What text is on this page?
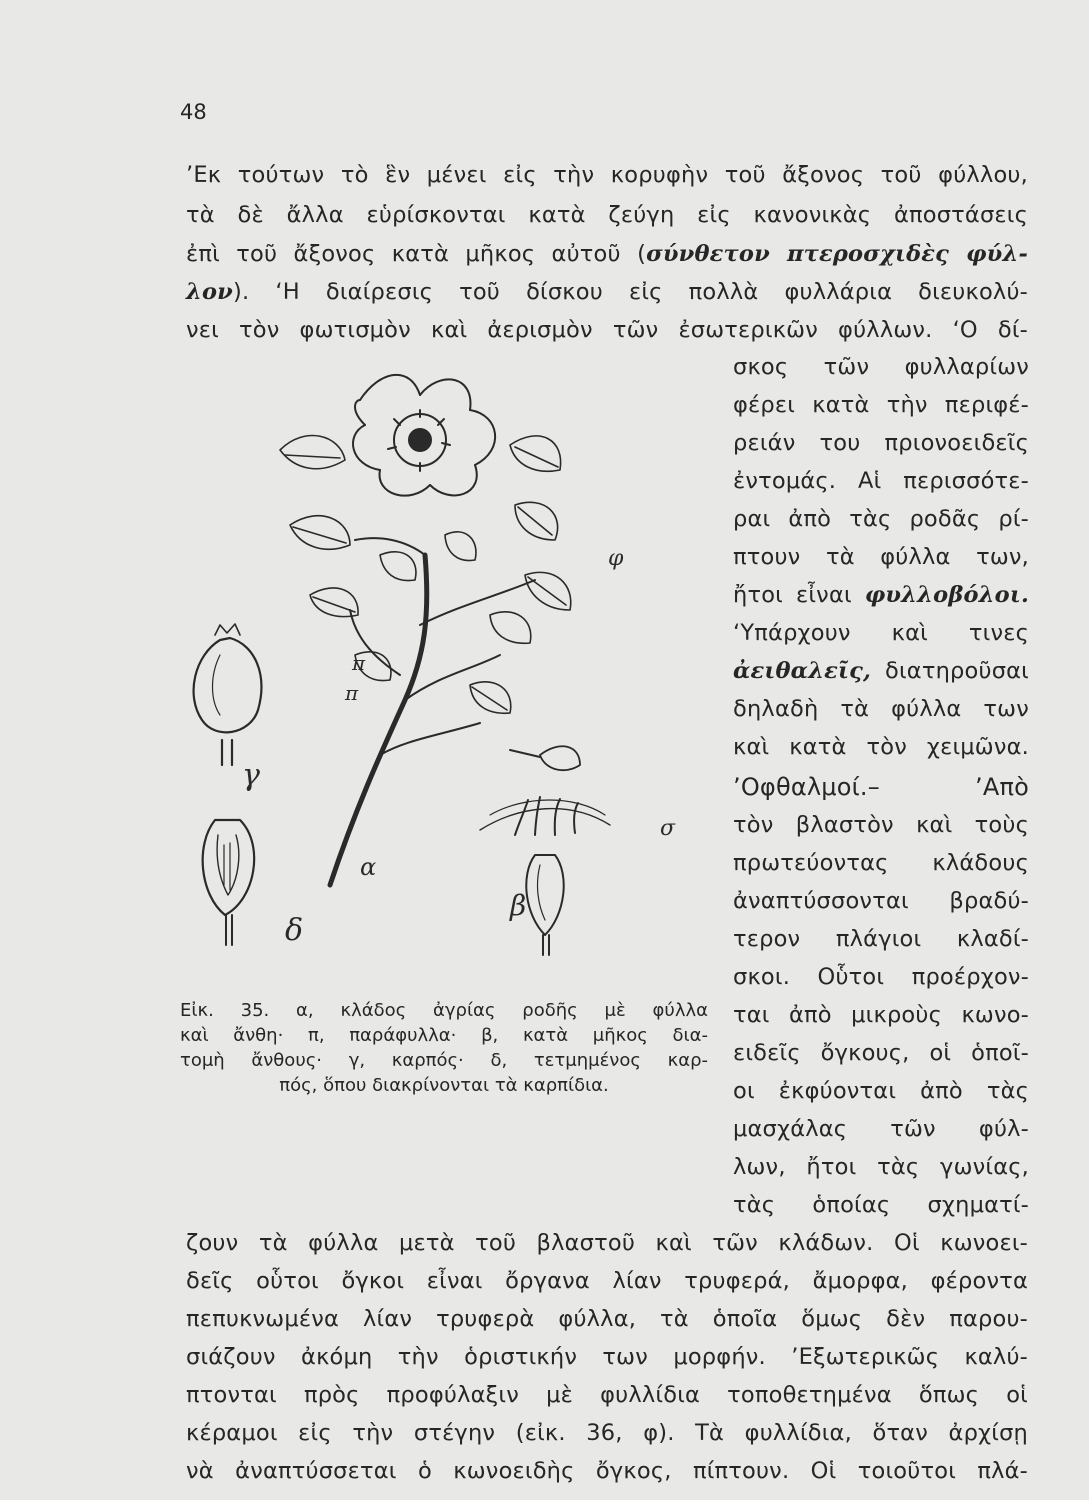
48
’Εκ τούτων τὸ ἓν μένει εἰς τὴν κορυφὴν τοῦ ἄξονος τοῦ φύλλου,
τὰ δὲ ἄλλα εὑρίσκονται κατὰ ζεύγη εἰς κανονικὰς ἀποστάσεις
ἐπὶ τοῦ ἄξονος κατὰ μῆκος αὐτοῦ (σύνθετον πτεροσχιδὲς φύλ-
λον). ‘Η διαίρεσις τοῦ δίσκου εἰς πολλὰ φυλλάρια διευκολύ-
νει τὸν φωτισμὸν καὶ ἀερισμὸν τῶν ἐσωτερικῶν φύλλων. ‘Ο δί-
σκος τῶν φυλλαρίων
φέρει κατὰ τὴν περιφέ-
ρειάν του πριονοειδεῖς
ἐντομάς. Αἱ περισσότε-
ραι ἀπὸ τὰς ροδᾶς ρί-
πτουν τὰ φύλλα των,
ἤτοι εἶναι φυλλοβόλοι.
‘Υπάρχουν καὶ τινες
ἀειθαλεῖς, διατηροῦσαι
δηλαδὴ τὰ φύλλα των
καὶ κατὰ τὸν χειμῶνα.
’Οφθαλμοί.– ’Απὸ
τὸν βλαστὸν καὶ τοὺς
πρωτεύοντας κλάδους
ἀναπτύσσονται βραδύ-
τερον πλάγιοι κλαδί-
σκοι. Οὗτοι προέρχον-
ται ἀπὸ μικροὺς κωνο-
ειδεῖς ὄγκους, οἱ ὁποῖ-
οι ἐκφύονται ἀπὸ τὰς
μασχάλας τῶν φύλ-
λων, ἤτοι τὰς γωνίας,
τὰς ὁποίας σχηματί-
ζουν τὰ φύλλα μετὰ τοῦ βλαστοῦ καὶ τῶν κλάδων. Οἱ κωνοει-
δεῖς οὗτοι ὄγκοι εἶναι ὄργανα λίαν τρυφερά, ἄμορφα, φέροντα
πεπυκνωμένα λίαν τρυφερὰ φύλλα, τὰ ὁποῖα ὅμως δὲν παρου-
σιάζουν ἀκόμη τὴν ὁριστικήν των μορφήν. ’Εξωτερικῶς καλύ-
πτονται πρὸς προφύλαξιν μὲ φυλλίδια τοποθετημένα ὅπως οἱ
κέραμοι εἰς τὴν στέγην (εἰκ. 36, φ). Τὰ φυλλίδια, ὅταν ἀρχίσῃ
νὰ ἀναπτύσσεται ὁ κωνοειδὴς ὄγκος, πίπτουν. Οἱ τοιοῦτοι πλά-
φ
π
π
γ
α
σ
β
δ
Εἰκ. 35. α, κλάδος ἀγρίας ροδῆς μὲ φύλλα
καὶ ἄνθη· π, παράφυλλα· β, κατὰ μῆκος δια-
τομὴ ἄνθους· γ, καρπός· δ, τετμημένος καρ-
πός, ὅπου διακρίνονται τὰ καρπίδια.
